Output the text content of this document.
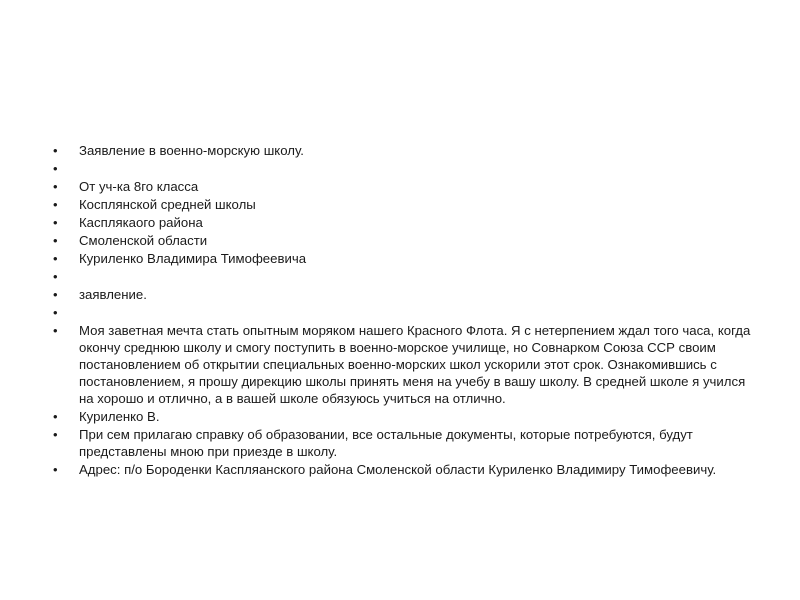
•	Заявление в военно-морскую школу.
•
•	От уч-ка 8го класса
•	Косплянской средней школы
•	Касплякаого района
•	Смоленской области
•	Куриленко Владимира Тимофеевича
•
•	заявление.
•
•	Моя заветная мечта стать опытным моряком нашего Красного Флота. Я с нетерпением ждал того часа, когда окончу среднюю школу и смогу поступить в военно-морское училище, но Совнарком Союза ССР своим постановлением об открытии специальных военно-морских школ ускорили этот срок. Ознакомившись с постановлением, я прошу дирекцию школы принять меня на учебу в вашу школу. В средней школе я учился на хорошо и отлично, а в вашей школе обязуюсь учиться на отлично.
•	Куриленко В.
•	При сем прилагаю справку об образовании, все остальные документы, которые потребуются, будут представлены мною при приезде в школу.
•	Адрес: п/о Бороденки Каспляанского района Смоленской области Куриленко Владимиру Тимофеевичу.
